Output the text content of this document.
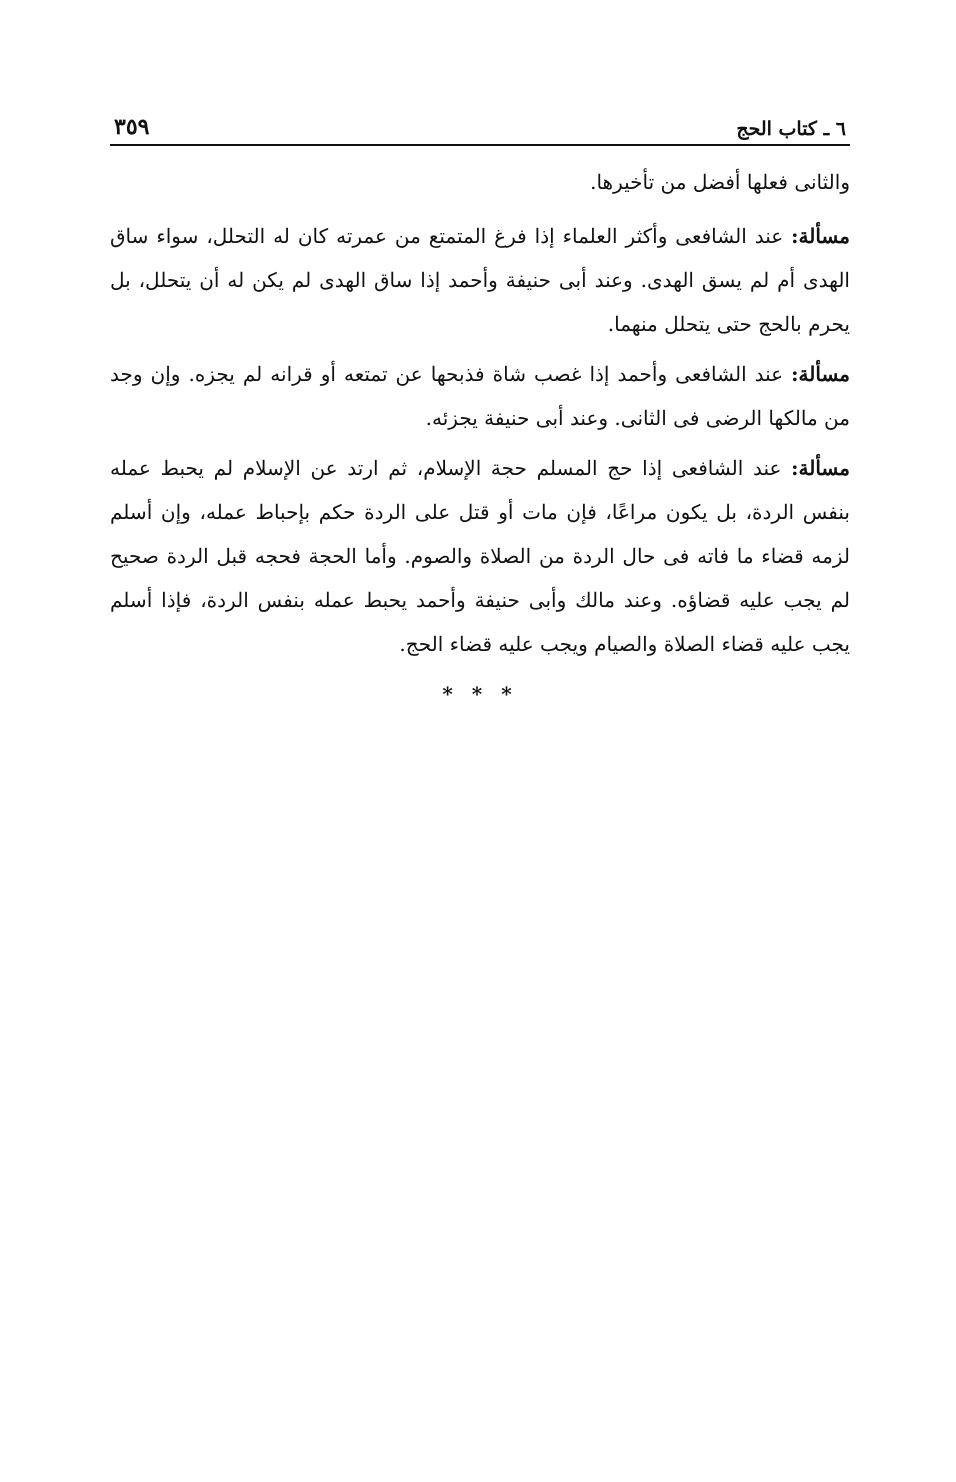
٦ ـ كتاب الحج
٣٥٩

والثانى فعلها أفضل من تأخيرها.

مسألة: عند الشافعى وأكثر العلماء إذا فرغ المتمتع من عمرته كان له التحلل، سواء ساق الهدى أم لم يسق الهدى. وعند أبى حنيفة وأحمد إذا ساق الهدى لم يكن له أن يتحلل، بل يحرم بالحج حتى يتحلل منهما.

مسألة: عند الشافعى وأحمد إذا غصب شاة فذبحها عن تمتعه أو قرانه لم يجزه. وإن وجد من مالكها الرضى فى الثانى. وعند أبى حنيفة يجزئه.

مسألة: عند الشافعى إذا حج المسلم حجة الإسلام، ثم ارتد عن الإسلام لم يحبط عمله بنفس الردة، بل يكون مراعًا، فإن مات أو قتل على الردة حكم بإحباط عمله، وإن أسلم لزمه قضاء ما فاته فى حال الردة من الصلاة والصوم. وأما الحجة فحجه قبل الردة صحيح لم يجب عليه قضاؤه. وعند مالك وأبى حنيفة وأحمد يحبط عمله بنفس الردة، فإذا أسلم يجب عليه قضاء الصلاة والصيام ويجب عليه قضاء الحج.

* * *
